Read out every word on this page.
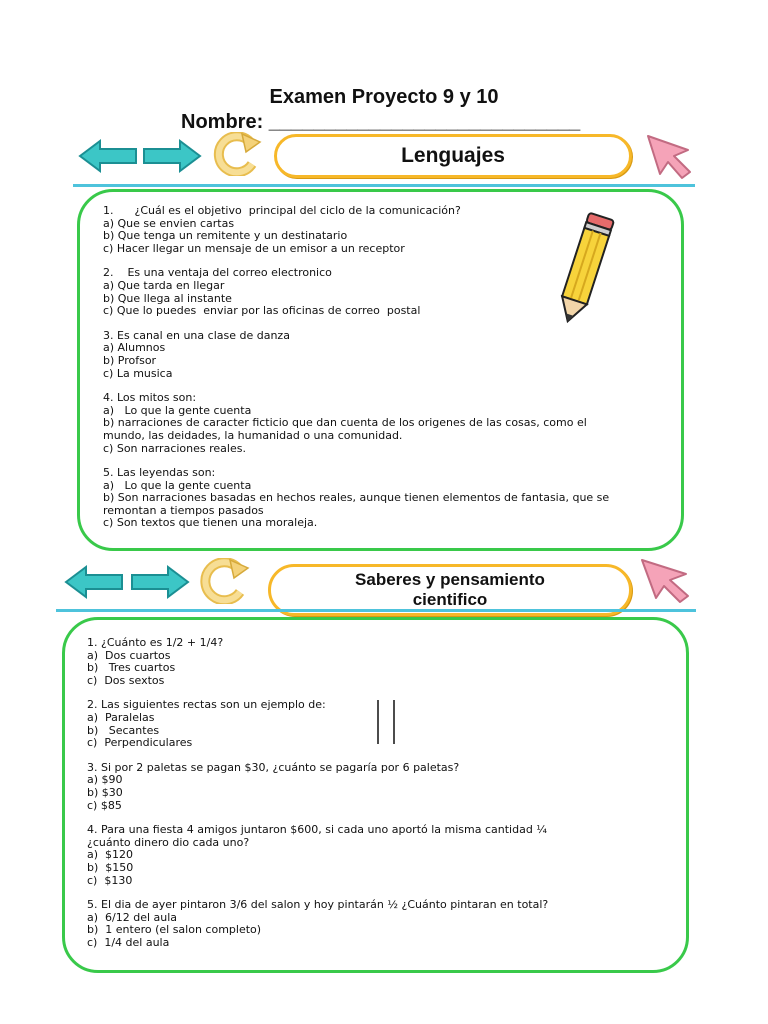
Examen Proyecto 9 y 10
Nombre: ____________________________
Lenguajes
1.      ¿Cuál es el objetivo  principal del ciclo de la comunicación?
a) Que se envien cartas
b) Que tenga un remitente y un destinatario
c) Hacer llegar un mensaje de un emisor a un receptor
2.    Es una ventaja del correo electronico
a) Que tarda en llegar
b) Que llega al instante
c) Que lo puedes  enviar por las oficinas de correo  postal
3. Es canal en una clase de danza
a) Alumnos
b) Profsor
c) La musica
4. Los mitos son:
a)   Lo que la gente cuenta
b) narraciones de caracter ficticio que dan cuenta de los origenes de las cosas, como el
mundo, las deidades, la humanidad o una comunidad.
c) Son narraciones reales.
5. Las leyendas son:
a)   Lo que la gente cuenta
b) Son narraciones basadas en hechos reales, aunque tienen elementos de fantasia, que se
remontan a tiempos pasados
c) Son textos que tienen una moraleja.
Saberes y pensamiento
cientifico
1. ¿Cuánto es 1/2 + 1/4?
a)  Dos cuartos
b)   Tres cuartos
c)  Dos sextos
2. Las siguientes rectas son un ejemplo de:
a)  Paralelas
b)   Secantes
c)  Perpendiculares
3. Si por 2 paletas se pagan $30, ¿cuánto se pagaría por 6 paletas?
a) $90
b) $30
c) $85
4. Para una fiesta 4 amigos juntaron $600, si cada uno aportó la misma cantidad ¼
¿cuánto dinero dio cada uno?
a)  $120
b)  $150
c)  $130
5. El dia de ayer pintaron 3/6 del salon y hoy pintarán ½ ¿Cuánto pintaran en total?
a)  6/12 del aula
b)  1 entero (el salon completo)
c)  1/4 del aula
